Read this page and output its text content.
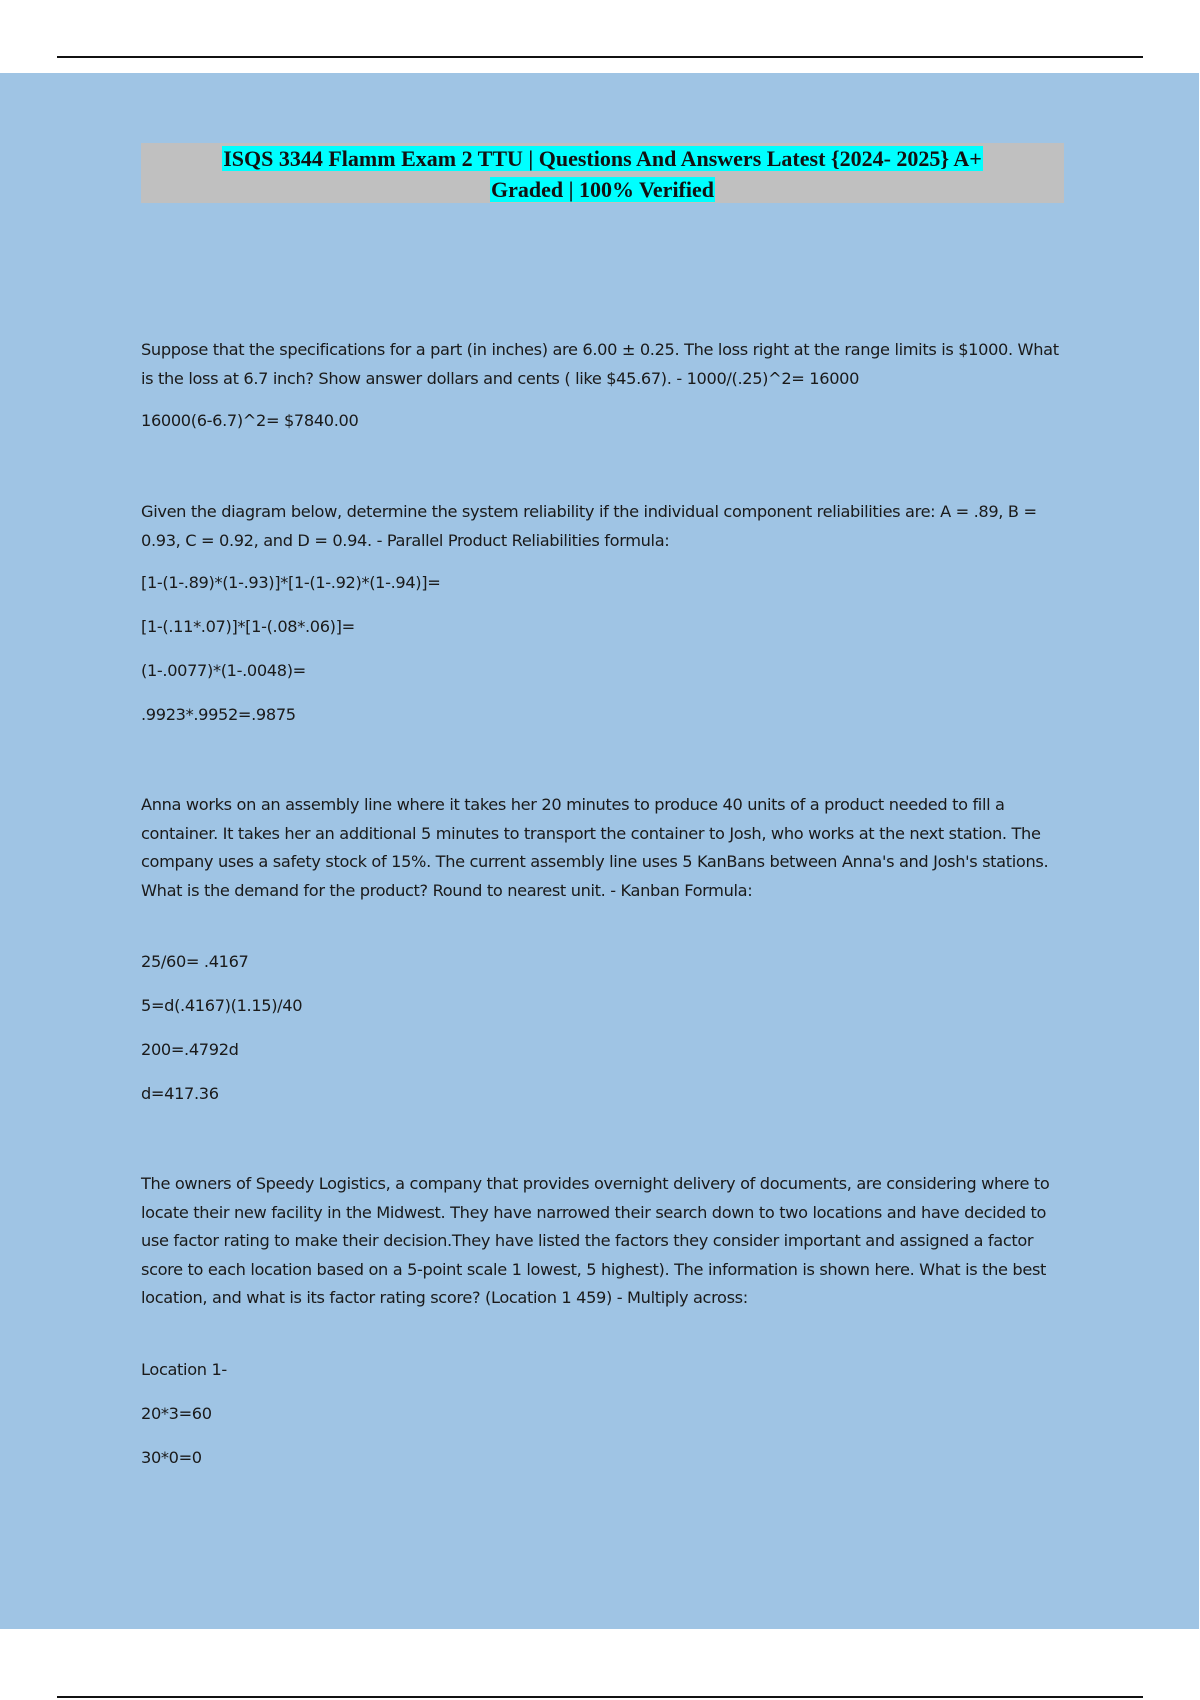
ISQS 3344 Flamm Exam 2 TTU | Questions And Answers Latest {2024- 2025} A+
Graded | 100% Verified

Suppose that the specifications for a part (in inches) are 6.00 ± 0.25. The loss right at the range limits is $1000. What is the loss at 6.7 inch? Show answer dollars and cents ( like $45.67). - 1000/(.25)^2= 16000

16000(6-6.7)^2= $7840.00

Given the diagram below, determine the system reliability if the individual component reliabilities are: A = .89, B = 0.93, C = 0.92, and D = 0.94. - Parallel Product Reliabilities formula:

[1-(1-.89)*(1-.93)]*[1-(1-.92)*(1-.94)]=

[1-(.11*.07)]*[1-(.08*.06)]=

(1-.0077)*(1-.0048)=

.9923*.9952=.9875

Anna works on an assembly line where it takes her 20 minutes to produce 40 units of a product needed to fill a container. It takes her an additional 5 minutes to transport the container to Josh, who works at the next station. The company uses a safety stock of 15%. The current assembly line uses 5 KanBans between Anna's and Josh's stations. What is the demand for the product? Round to nearest unit. - Kanban Formula:

25/60= .4167

5=d(.4167)(1.15)/40

200=.4792d

d=417.36

The owners of Speedy Logistics, a company that provides overnight delivery of documents, are considering where to locate their new facility in the Midwest. They have narrowed their search down to two locations and have decided to use factor rating to make their decision.They have listed the factors they consider important and assigned a factor score to each location based on a 5-point scale 1 lowest, 5 highest). The information is shown here. What is the best location, and what is its factor rating score? (Location 1 459) - Multiply across:

Location 1-

20*3=60

30*0=0
